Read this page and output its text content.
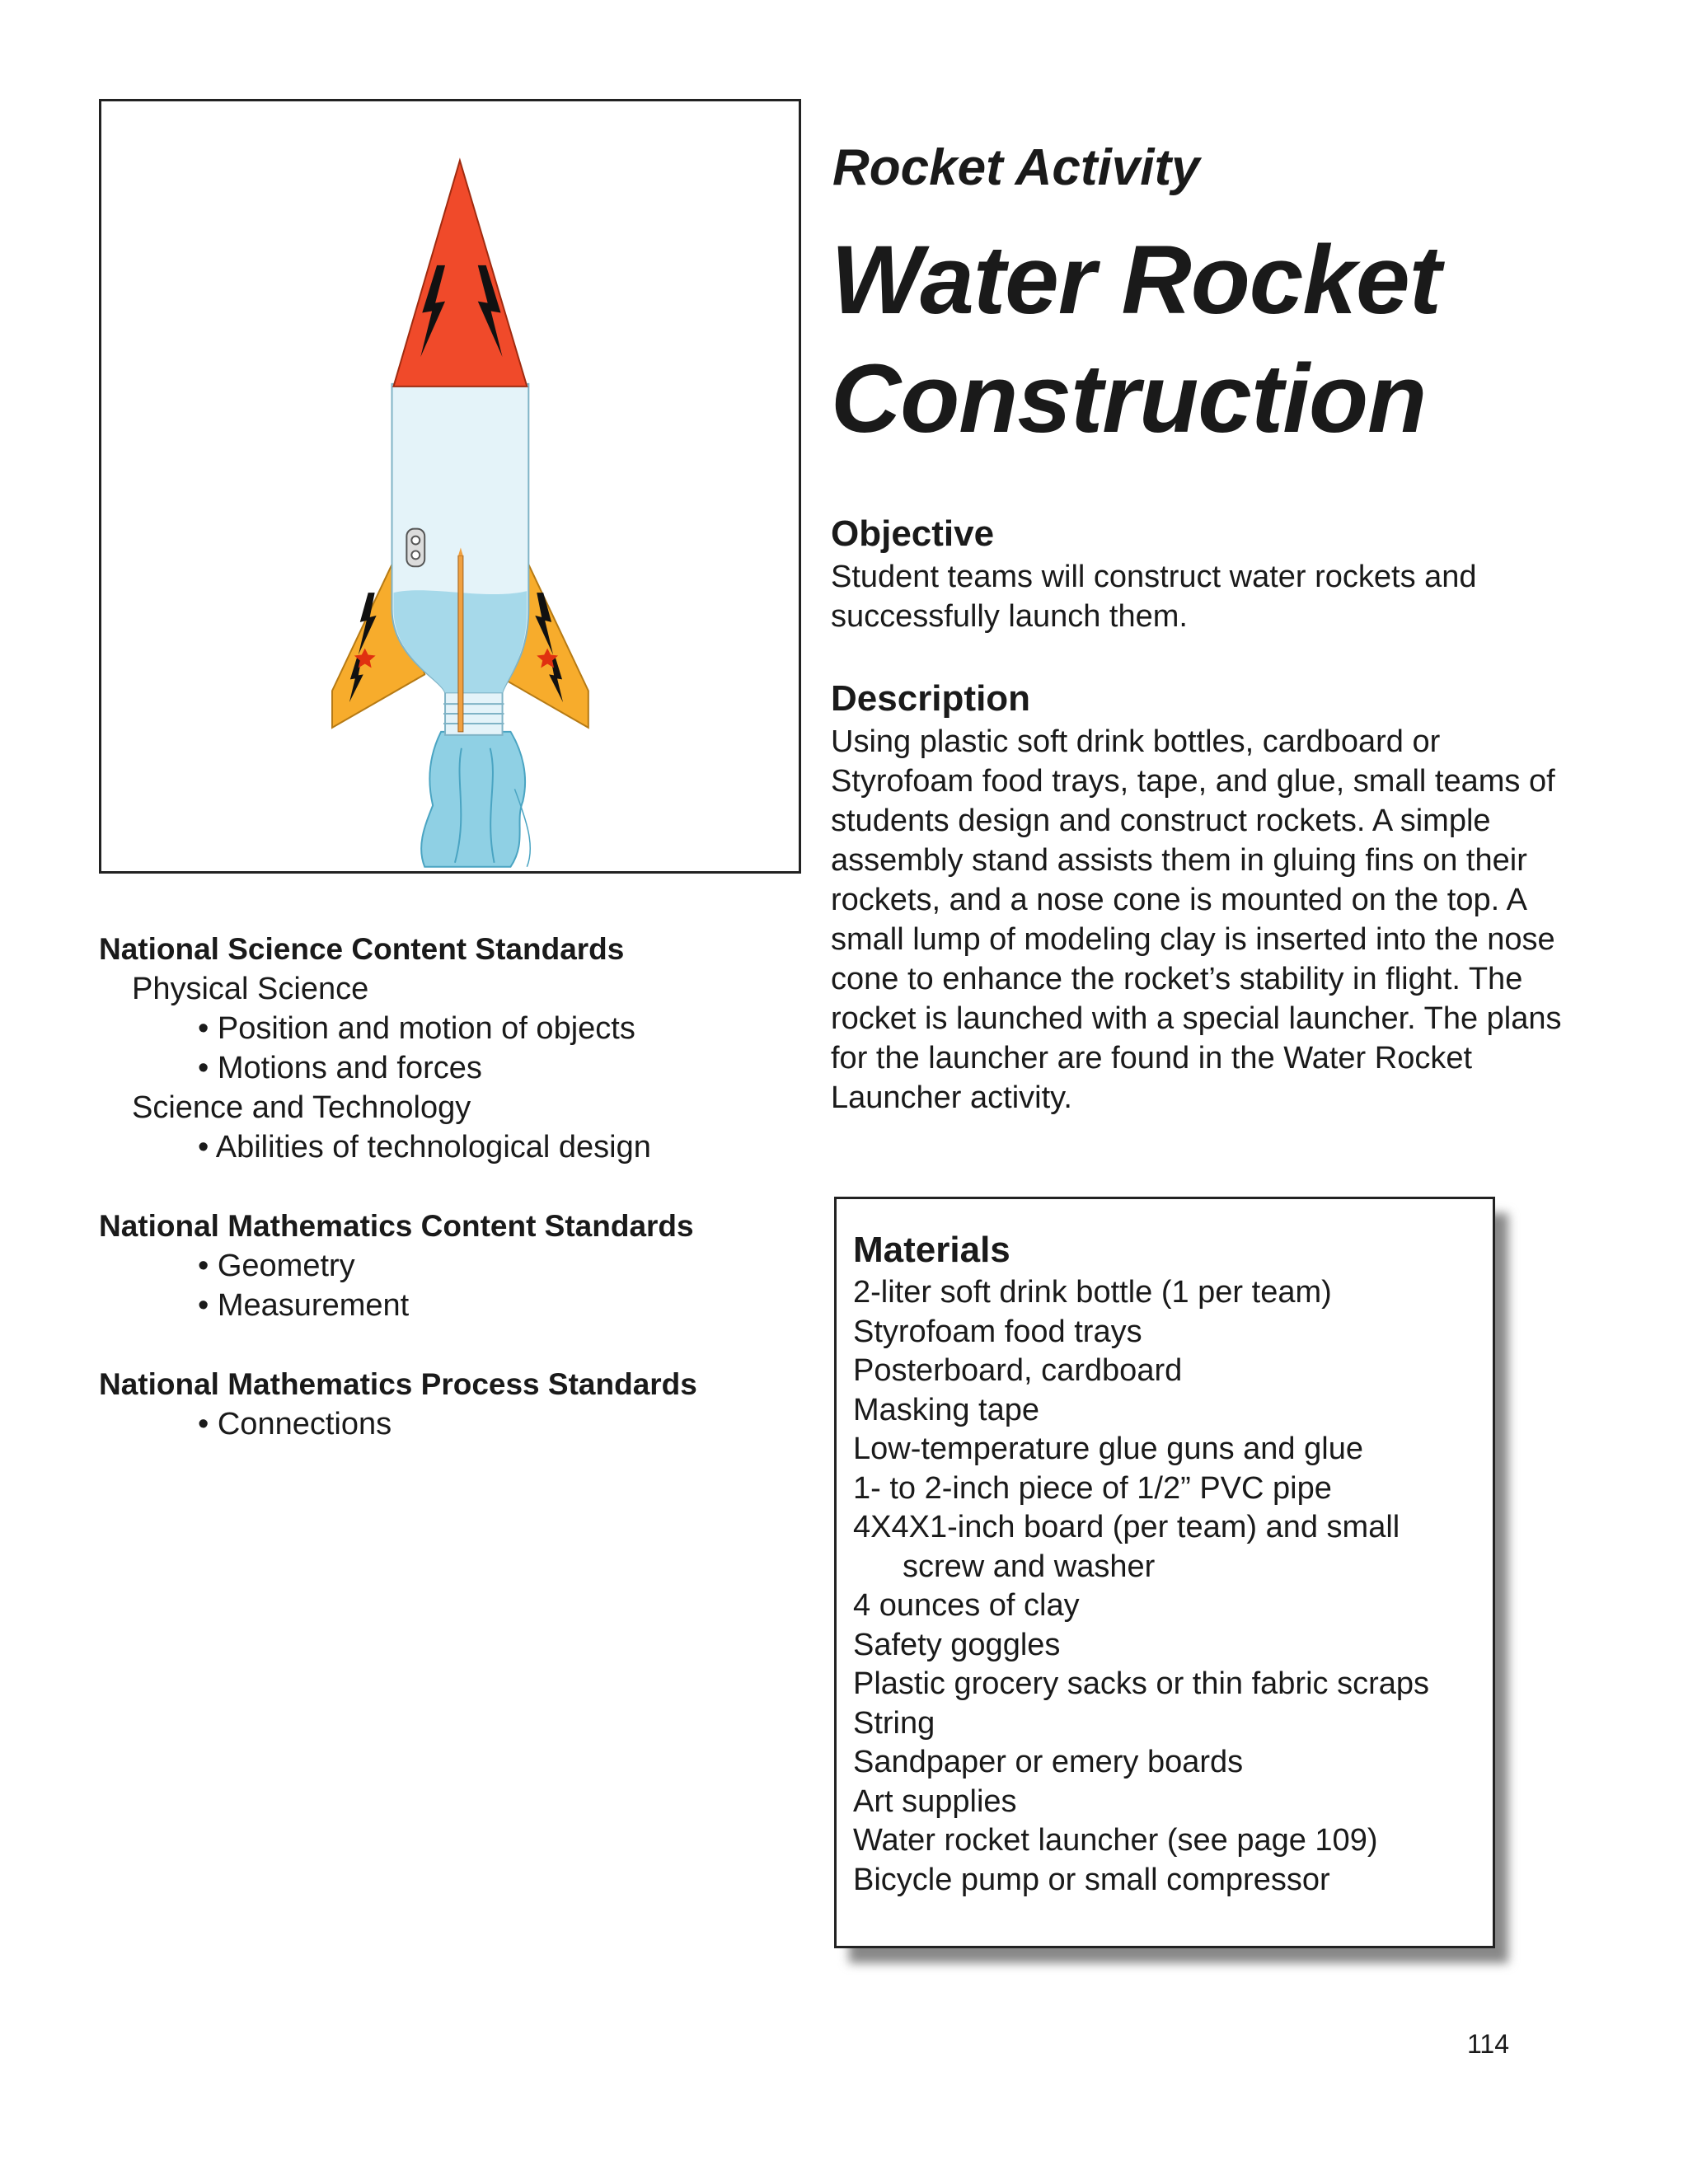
Rocket Activity
Water Rocket
Construction

Objective

Student teams will construct water rockets and successfully launch them.

Description

Using plastic soft drink bottles, cardboard or Styrofoam food trays, tape, and glue, small teams of students design and construct rockets. A simple assembly stand assists them in gluing fins on their rockets, and a nose cone is mounted on the top. A small lump of modeling clay is inserted into the nose cone to enhance the rocket’s stability in flight. The rocket is launched with a special launcher. The plans for the launcher are found in the Water Rocket Launcher activity.

National Science Content Standards
Physical Science
• Position and motion of objects
• Motions and forces
Science and Technology
• Abilities of technological design
National Mathematics Content Standards
• Geometry
• Measurement
National Mathematics Process Standards
• Connections

Materials

2-liter soft drink bottle (1 per team)
Styrofoam food trays
Posterboard, cardboard
Masking tape
Low-temperature glue guns and glue
1- to 2-inch piece of 1/2” PVC pipe
4X4X1-inch board (per team) and small
screw and washer
4 ounces of clay
Safety goggles
Plastic grocery sacks or thin fabric scraps
String
Sandpaper or emery boards
Art supplies
Water rocket launcher (see page 109)
Bicycle pump or small compressor
114
